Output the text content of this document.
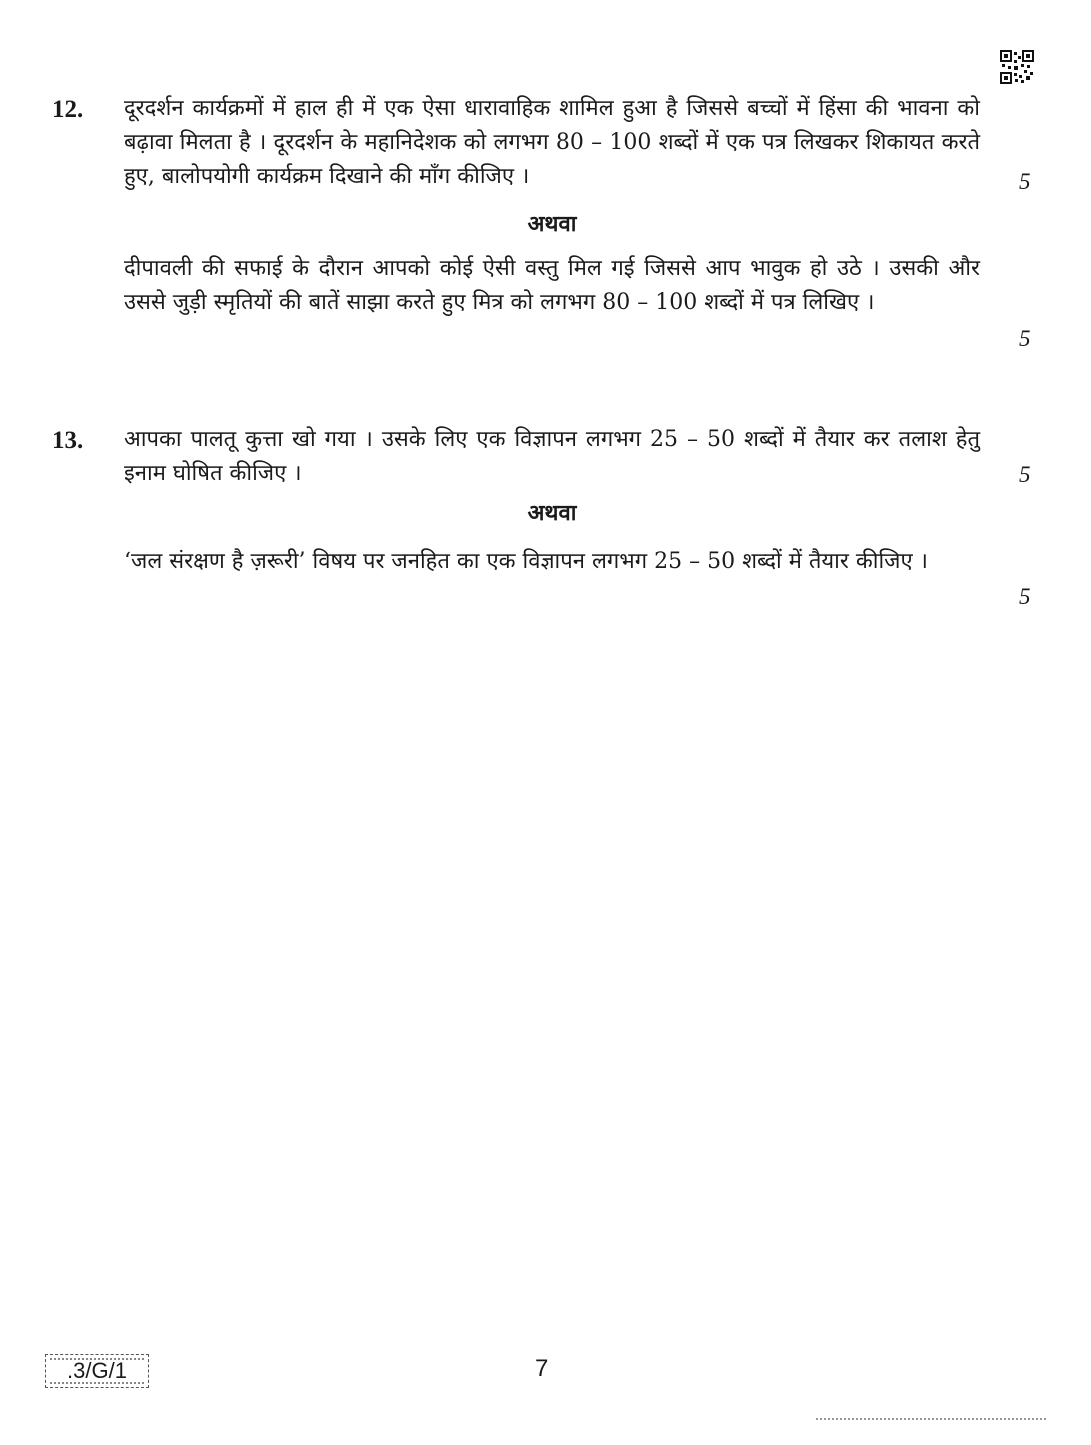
12. दूरदर्शन कार्यक्रमों में हाल ही में एक ऐसा धारावाहिक शामिल हुआ है जिससे बच्चों में हिंसा की भावना को बढ़ावा मिलता है । दूरदर्शन के महानिदेशक को लगभग 80 – 100 शब्दों में एक पत्र लिखकर शिकायत करते हुए, बालोपयोगी कार्यक्रम दिखाने की माँग कीजिए ।	5
अथवा
दीपावली की सफाई के दौरान आपको कोई ऐसी वस्तु मिल गई जिससे आप भावुक हो उठे । उसकी और उससे जुड़ी स्मृतियों की बातें साझा करते हुए मित्र को लगभग 80 – 100 शब्दों में पत्र लिखिए ।
5
13. आपका पालतू कुत्ता खो गया । उसके लिए एक विज्ञापन लगभग 25 – 50 शब्दों में तैयार कर तलाश हेतु इनाम घोषित कीजिए ।	5
अथवा
‘जल संरक्षण है ज़रूरी’ विषय पर जनहित का एक विज्ञापन लगभग 25 – 50 शब्दों में तैयार कीजिए ।
5
.3/G/1	7
